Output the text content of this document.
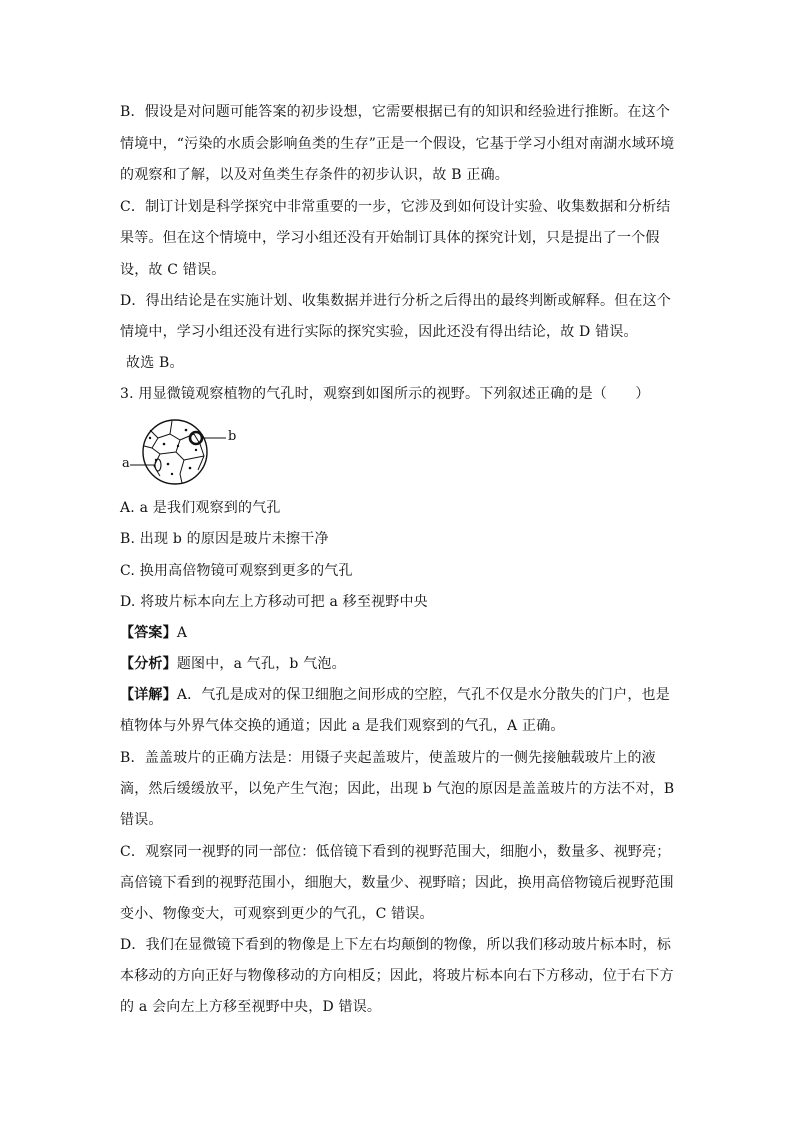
B．假设是对问题可能答案的初步设想，它需要根据已有的知识和经验进行推断。在这个
情境中，“污染的水质会影响鱼类的生存”正是一个假设，它基于学习小组对南湖水域环境
的观察和了解，以及对鱼类生存条件的初步认识，故 B 正确。
C．制订计划是科学探究中非常重要的一步，它涉及到如何设计实验、收集数据和分析结
果等。但在这个情境中，学习小组还没有开始制订具体的探究计划，只是提出了一个假
设，故 C 错误。
D．得出结论是在实施计划、收集数据并进行分析之后得出的最终判断或解释。但在这个
情境中，学习小组还没有进行实际的探究实验，因此还没有得出结论，故 D 错误。
故选 B。
3. 用显微镜观察植物的气孔时，观察到如图所示的视野。下列叙述正确的是（　　）
b
a
A. a 是我们观察到的气孔
B. 出现 b 的原因是玻片未擦干净
C. 换用高倍物镜可观察到更多的气孔
D. 将玻片标本向左上方移动可把 a 移至视野中央
【答案】A
【分析】题图中，a 气孔，b 气泡。
【详解】A．气孔是成对的保卫细胞之间形成的空腔，气孔不仅是水分散失的门户，也是
植物体与外界气体交换的通道；因此 a 是我们观察到的气孔，A 正确。
B．盖盖玻片的正确方法是：用镊子夹起盖玻片，使盖玻片的一侧先接触载玻片上的液
滴，然后缓缓放平，以免产生气泡；因此，出现 b 气泡的原因是盖盖玻片的方法不对，B
错误。
C．观察同一视野的同一部位：低倍镜下看到的视野范围大，细胞小，数量多、视野亮；
高倍镜下看到的视野范围小，细胞大，数量少、视野暗；因此，换用高倍物镜后视野范围
变小、物像变大，可观察到更少的气孔，C 错误。
D．我们在显微镜下看到的物像是上下左右均颠倒的物像，所以我们移动玻片标本时，标
本移动的方向正好与物像移动的方向相反；因此，将玻片标本向右下方移动，位于右下方
的 a 会向左上方移至视野中央，D 错误。
